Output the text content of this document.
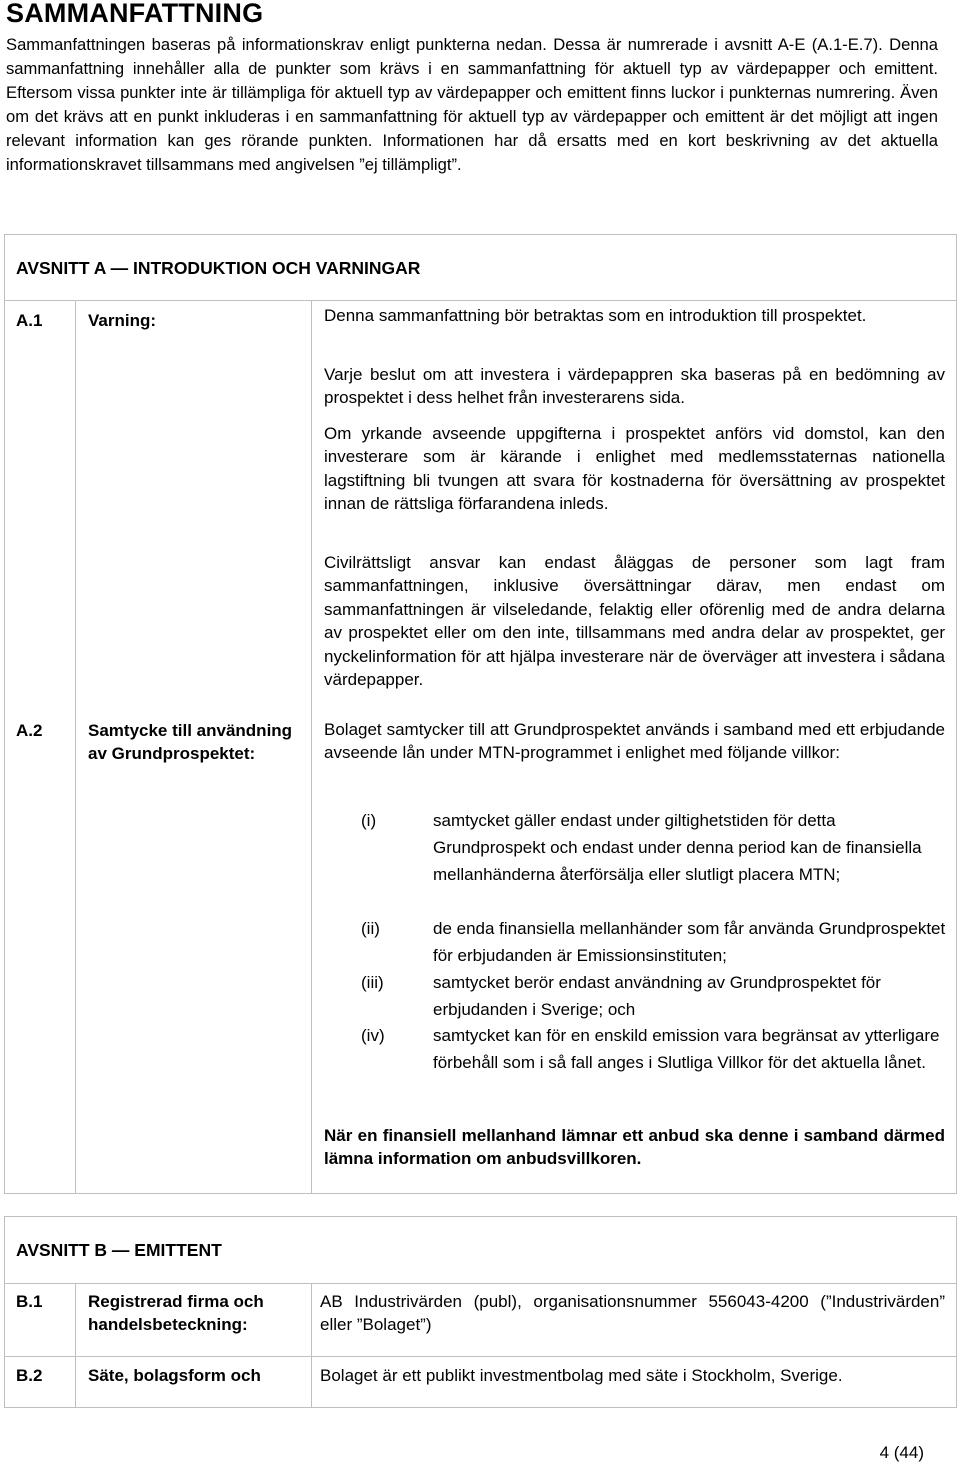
SAMMANFATTNING
Sammanfattningen baseras på informationskrav enligt punkterna nedan. Dessa är numrerade i avsnitt A-E (A.1-E.7). Denna sammanfattning innehåller alla de punkter som krävs i en sammanfattning för aktuell typ av värdepapper och emittent. Eftersom vissa punkter inte är tillämpliga för aktuell typ av värdepapper och emittent finns luckor i punkternas numrering. Även om det krävs att en punkt inkluderas i en sammanfattning för aktuell typ av värdepapper och emittent är det möjligt att ingen relevant information kan ges rörande punkten. Informationen har då ersatts med en kort beskrivning av det aktuella informationskravet tillsammans med angivelsen ”ej tillämpligt”.
AVSNITT A — INTRODUKTION OCH VARNINGAR
A.1	Varning:	Denna sammanfattning bör betraktas som en introduktion till prospektet.
Varje beslut om att investera i värdepappren ska baseras på en bedömning av prospektet i dess helhet från investerarens sida.
Om yrkande avseende uppgifterna i prospektet anförs vid domstol, kan den investerare som är kärande i enlighet med medlemsstaternas nationella lagstiftning bli tvungen att svara för kostnaderna för översättning av prospektet innan de rättsliga förfarandena inleds.
Civilrättsligt ansvar kan endast åläggas de personer som lagt fram sammanfattningen, inklusive översättningar därav, men endast om sammanfattningen är vilseledande, felaktig eller oförenlig med de andra delarna av prospektet eller om den inte, tillsammans med andra delar av prospektet, ger nyckelinformation för att hjälpa investerare när de överväger att investera i sådana värdepapper.
A.2	Samtycke till användning av Grundprospektet:
Bolaget samtycker till att Grundprospektet används i samband med ett erbjudande avseende lån under MTN-programmet i enlighet med följande villkor:
(i)	samtycket gäller endast under giltighetstiden för detta Grundprospekt och endast under denna period kan de finansiella mellanhänderna återförsälja eller slutligt placera MTN;
(ii)	de enda finansiella mellanhänder som får använda Grundprospektet för erbjudanden är Emissionsinstituten;
(iii)	samtycket berör endast användning av Grundprospektet för erbjudanden i Sverige; och
(iv)	samtycket kan för en enskild emission vara begränsat av ytterligare förbehåll som i så fall anges i Slutliga Villkor för det aktuella lånet.
När en finansiell mellanhand lämnar ett anbud ska denne i samband därmed lämna information om anbudsvillkoren.
AVSNITT B — EMITTENT
B.1	Registrerad firma och handelsbeteckning:
AB Industrivärden (publ), organisationsnummer 556043-4200 (”Industrivärden” eller ”Bolaget”)
B.2	Säte, bolagsform och	Bolaget är ett publikt investmentbolag med säte i Stockholm, Sverige.
4 (44)
